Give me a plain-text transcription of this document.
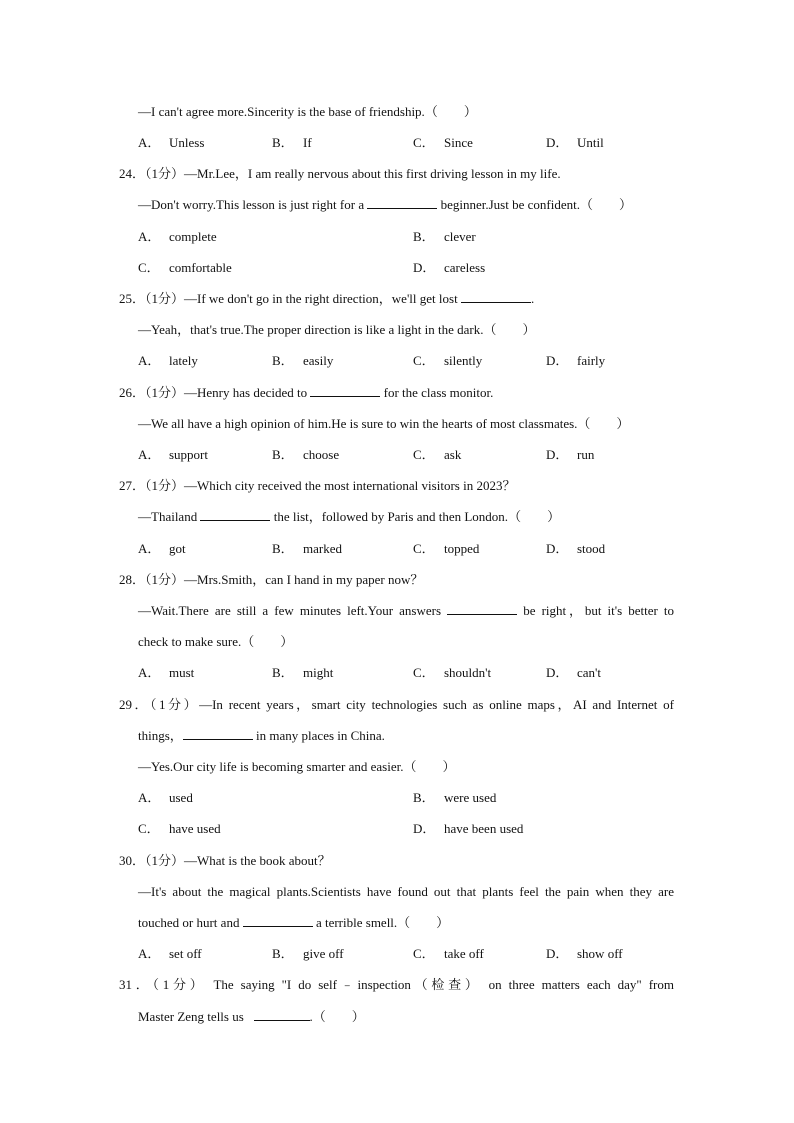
—I can't agree more.Sincerity is the base of friendship.（　　）
A． Unless	B． If	C． Since	D． Until
24．（1分）—Mr.Lee，I am really nervous about this first driving lesson in my life.
—Don't worry.This lesson is just right for a	beginner.Just be confident.（　　）
A． complete	B． clever
C． comfortable	D． careless
25．（1分）—If we don't go in the right direction，we'll get lost	.
—Yeah，that's true.The proper direction is like a light in the dark.（　　）
A． lately	B． easily	C． silently	D． fairly
26．（1分）—Henry has decided to	for the class monitor.
—We all have a high opinion of him.He is sure to win the hearts of most classmates.（　　）
A． support	B． choose	C． ask	D． run
27．（1分）—Which city received the most international visitors in 2023？
—Thailand	the list，followed by Paris and then London.（　　）
A． got	B． marked	C． topped	D． stood
28．（1分）—Mrs.Smith，can I hand in my paper now？
—Wait.There are still a few minutes left.Your answers	be right，but it's better to
check to make sure.（　　）
A． must	B． might	C． shouldn't	D． can't
29．（1分）—In recent years，smart city technologies such as online maps，AI and Internet of
things，	in many places in China.
—Yes.Our city life is becoming smarter and easier.（　　）
A． used	B． were used
C． have used	D． have been used
30．（1分）—What is the book about？
—It's about the magical plants.Scientists have found out that plants feel the pain when they are
touched or hurt and	a terrible smell.（　　）
A． set off	B． give off	C． take off	D． show off
31．（1分） The saying "I do self﹣inspection（检查） on three matters each day" from
Master Zeng tells us	.（　　）
